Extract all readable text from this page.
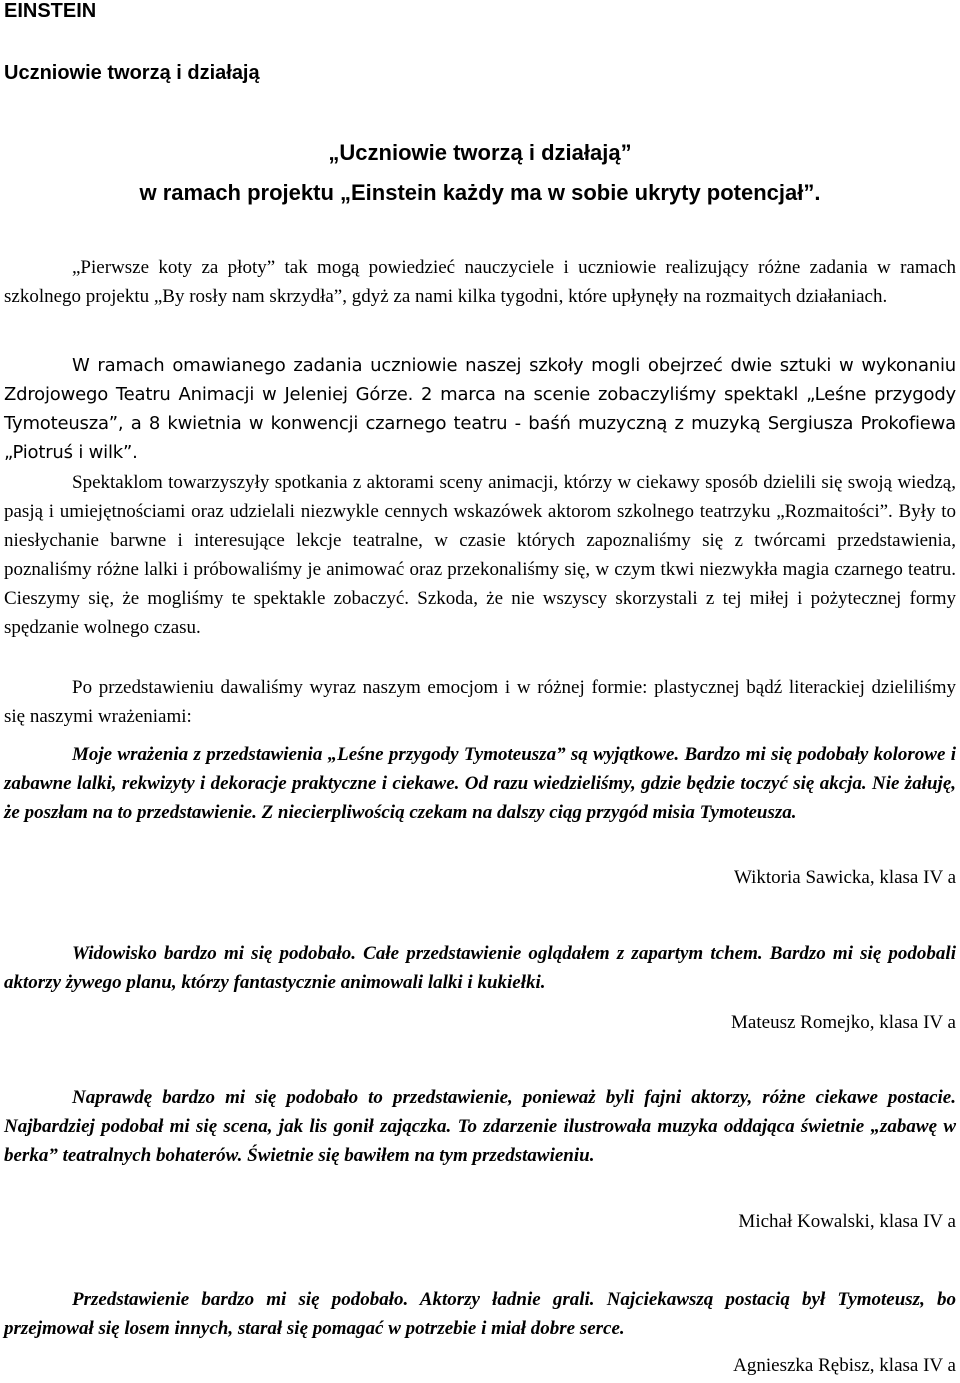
EINSTEIN
Uczniowie tworzą i działają
„Uczniowie tworzą i działają”
w ramach projektu „Einstein każdy ma w sobie ukryty potencjał”.

„Pierwsze koty za płoty” tak mogą powiedzieć nauczyciele i uczniowie realizujący różne zadania w ramach szkolnego projektu „By rosły nam skrzydła”, gdyż za nami kilka tygodni, które upłynęły na rozmaitych działaniach.

W ramach omawianego zadania uczniowie naszej szkoły mogli obejrzeć dwie sztuki w wykonaniu Zdrojowego Teatru Animacji w Jeleniej Górze. 2 marca na scenie zobaczyliśmy spektakl „Leśne przygody Tymoteusza”, a 8 kwietnia w konwencji czarnego teatru - baśń muzyczną z muzyką Sergiusza Prokofiewa „Piotruś i wilk”.

Spektaklom towarzyszyły spotkania z aktorami sceny animacji, którzy w ciekawy sposób dzielili się swoją wiedzą, pasją i umiejętnościami oraz udzielali niezwykle cennych wskazówek aktorom szkolnego teatrzyku „Rozmaitości”. Były to niesłychanie barwne i interesujące lekcje teatralne, w czasie których zapoznaliśmy się z twórcami przedstawienia, poznaliśmy różne lalki i próbowaliśmy je animować oraz przekonaliśmy się, w czym tkwi niezwykła magia czarnego teatru. Cieszymy się, że mogliśmy te spektakle zobaczyć. Szkoda, że nie wszyscy skorzystali z tej miłej i pożytecznej formy spędzanie wolnego czasu.

Po przedstawieniu dawaliśmy wyraz naszym emocjom i w różnej formie: plastycznej bądź literackiej dzieliliśmy się naszymi wrażeniami:

Moje wrażenia z przedstawienia „Leśne przygody Tymoteusza” są wyjątkowe. Bardzo mi się podobały kolorowe i zabawne lalki, rekwizyty i dekoracje praktyczne i ciekawe. Od razu wiedzieliśmy, gdzie będzie toczyć się akcja. Nie żałuję, że poszłam na to przedstawienie. Z niecierpliwością czekam na dalszy ciąg przygód misia Tymoteusza.

Wiktoria Sawicka, klasa IV a

Widowisko bardzo mi się podobało. Całe przedstawienie oglądałem z zapartym tchem. Bardzo mi się podobali aktorzy żywego planu, którzy fantastycznie animowali lalki i kukiełki.

Mateusz Romejko, klasa IV a

Naprawdę bardzo mi się podobało to przedstawienie, ponieważ byli fajni aktorzy, różne ciekawe postacie. Najbardziej podobał mi się scena, jak lis gonił zajączka. To zdarzenie ilustrowała muzyka oddająca świetnie „zabawę w berka” teatralnych bohaterów. Świetnie się bawiłem na tym przedstawieniu.

Michał Kowalski, klasa IV a

Przedstawienie bardzo mi się podobało. Aktorzy ładnie grali. Najciekawszą postacią był Tymoteusz, bo przejmował się losem innych, starał się pomagać w potrzebie i miał dobre serce.

Agnieszka Rębisz, klasa IV a
